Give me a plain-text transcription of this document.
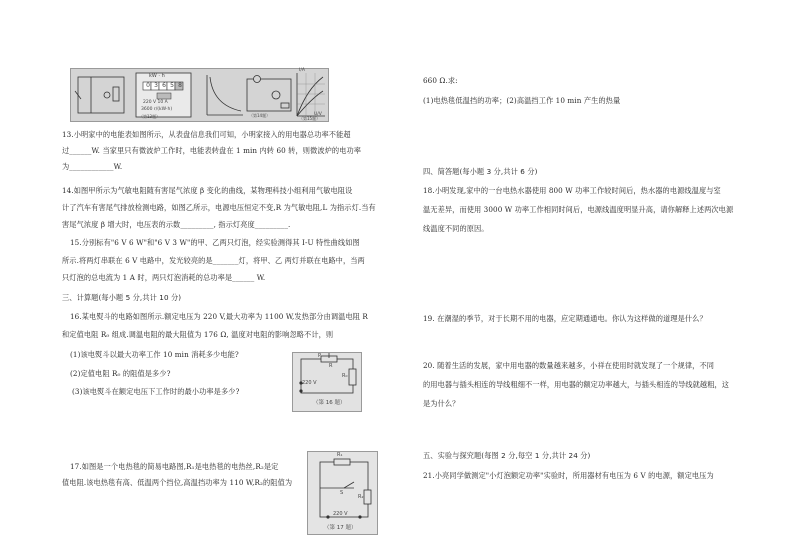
kW · h
0 3 6 5 8
220 V 10 A
3600 r/(kW·h)
I/A
U/V
（第13题）	（第14题）
（第15题）
13.小明家中的电能表如图所示，从表盘信息我们可知，小明家接入的用电器总功率不能超
过______W. 当家里只有微波炉工作时，电能表转盘在 1 min 内转 60 转，则微波炉的电功率
为____________W.
14.如图甲所示为气敏电阻随有害尾气浓度 β 变化的曲线，某物理科技小组利用气敏电阻设
计了汽车有害尾气排放检测电路，如图乙所示，电源电压恒定不变,R 为气敏电阻,L 为指示灯.当有
害尾气浓度 β 增大时，电压表的示数_________, 指示灯亮度_________.
15.分别标有"6 V 6 W"和"6 V 3 W"的甲、乙两只灯泡，经实验测得其 I-U 特性曲线如图
所示.将两灯串联在 6 V 电路中，发光较亮的是_______灯，将甲、乙 两灯并联在电路中，当两
只灯泡的总电流为 1 A 时，两只灯泡消耗的总功率是______ W.
三、计算题(每小题 5 分,共计 10 分)
16.某电熨斗的电路如图所示.额定电压为 220 V,最大功率为 1100 W,发热部分由调温电阻 R
和定值电阻 R₀ 组成.调温电阻的最大阻值为 176 Ω, 温度对电阻的影响忽略不计，则
(1)该电熨斗以最大功率工作 10 min 消耗多少电能?
(2)定值电阻 R₀ 的阻值是多少?
(3)该电熨斗在额定电压下工作时的最小功率是多少?
P
R
R₀
220 V
（第 16 题）
17.如图是一个电热毯的简易电路图,R₁是电热毯的电热丝,R₂是定
值电阻.该电热毯有高、低温两个挡位,高温挡功率为 110 W,R₂的阻值为
R₁
S
R₂
220 V
（第 17 题）
660 Ω.求:
(1)电热毯低温挡的功率；(2)高温挡工作 10 min 产生的热量
四、简答题(每小题 3 分,共计 6 分)
18.小明发现,家中的一台电热水器使用 800 W 功率工作较时间后，热水器的电源线温度与室
温无差异，而使用 3000 W 功率工作相同时间后，电源线温度明显升高，请你解释上述两次电源
线温度不同的原因。
19. 在潮湿的季节，对于长期不用的电器，应定期通通电。你认为这样做的道理是什么？
20. 随着生活的发展，家中用电器的数量越来越多，小祥在使用时就发现了一个规律，不同
的用电器与插头相连的导线粗细不一样，用电器的额定功率越大，与插头相连的导线就越粗，这
是为什么？
五、实验与探究题(每图 2 分,每空 1 分,共计 24 分)
21.小亮同学做测定"小灯泡额定功率"实验时，所用器材有电压为 6 V 的电源，额定电压为
